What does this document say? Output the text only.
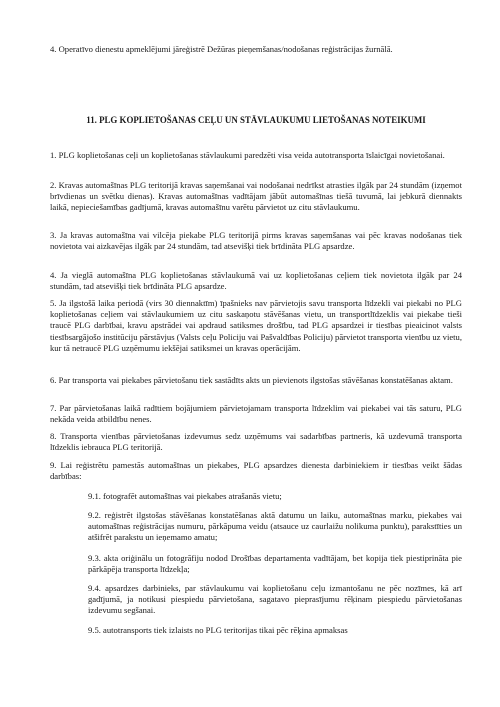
4. Operatīvo dienestu apmeklējumi jāreģistrē Dežūras pieņemšanas/nodošanas reģistrācijas žurnālā.

11. PLG KOPLIETOŠANAS CEĻU UN STĀVLAUKUMU LIETOŠANAS NOTEIKUMI

1. PLG koplietošanas ceļi un koplietošanas stāvlaukumi paredzēti visa veida autotransporta īslaicīgai novietošanai.

2. Kravas automašīnas PLG teritorijā kravas saņemšanai vai nodošanai nedrīkst atrasties ilgāk par 24 stundām (izņemot brīvdienas un svētku dienas). Kravas automašīnas vadītājam jābūt automašīnas tiešā tuvumā, lai jebkurā diennakts laikā, nepieciešamības gadījumā, kravas automašīnu varētu pārvietot uz citu stāvlaukumu.

3. Ja kravas automašīna vai vilcēja piekabe PLG teritorijā pirms kravas saņemšanas vai pēc kravas nodošanas tiek novietota vai aizkavējas ilgāk par 24 stundām, tad atsevišķi tiek brīdināta PLG apsardze.

4. Ja vieglā automašīna PLG koplietošanas stāvlaukumā vai uz koplietošanas ceļiem tiek novietota ilgāk par 24 stundām, tad atsevišķi tiek brīdināta PLG apsardze.

5. Ja ilgstošā laika periodā (virs 30 diennaktīm) īpašnieks nav pārvietojis savu transporta līdzekli vai piekabi no PLG koplietošanas ceļiem vai stāvlaukumiem uz citu saskaņotu stāvēšanas vietu, un transportlīdzeklis vai piekabe tieši traucē PLG darbībai, kravu apstrādei vai apdraud satiksmes drošību, tad PLG apsardzei ir tiesības pieaicinot valsts tiesībsargājošo institūciju pārstāvjus (Valsts ceļu Policiju vai Pašvaldības Policiju) pārvietot transporta vienību uz vietu, kur tā netraucē PLG uzņēmumu iekšējai satiksmei un kravas operācijām.

6. Par transporta vai piekabes pārvietošanu tiek sastādīts akts un pievienots ilgstošas stāvēšanas konstatēšanas aktam.

7. Par pārvietošanas laikā radītiem bojājumiem pārvietojamam transporta līdzeklim vai piekabei vai tās saturu, PLG nekāda veida atbildību nenes.

8. Transporta vienības pārvietošanas izdevumus sedz uzņēmums vai sadarbības partneris, kā uzdevumā transporta līdzeklis iebrauca PLG teritorijā.

9. Lai reģistrētu pamestās automašīnas un piekabes, PLG apsardzes dienesta darbiniekiem ir tiesības veikt šādas darbības:

9.1. fotografēt automašīnas vai piekabes atrašanās vietu;

9.2. reģistrēt ilgstošas stāvēšanas konstatēšanas aktā datumu un laiku, automašīnas marku, piekabes vai automašīnas reģistrācijas numuru, pārkāpuma veidu (atsauce uz caurlaižu nolikuma punktu), parakstīties un atšifrēt parakstu un ieņemamo amatu;

9.3. akta oriģinālu un fotogrāfiju nodod Drošības departamenta vadītājam, bet kopija tiek piestiprināta pie pārkāpēja transporta līdzekļa;

9.4. apsardzes darbinieks, par stāvlaukumu vai koplietošanu ceļu izmantošanu ne pēc nozīmes, kā arī gadījumā, ja notikusi piespiedu pārvietošana, sagatavo pieprasījumu rēķinam piespiedu pārvietošanas izdevumu segšanai.

9.5. autotransports tiek izlaists no PLG teritorijas tikai pēc rēķina apmaksas
